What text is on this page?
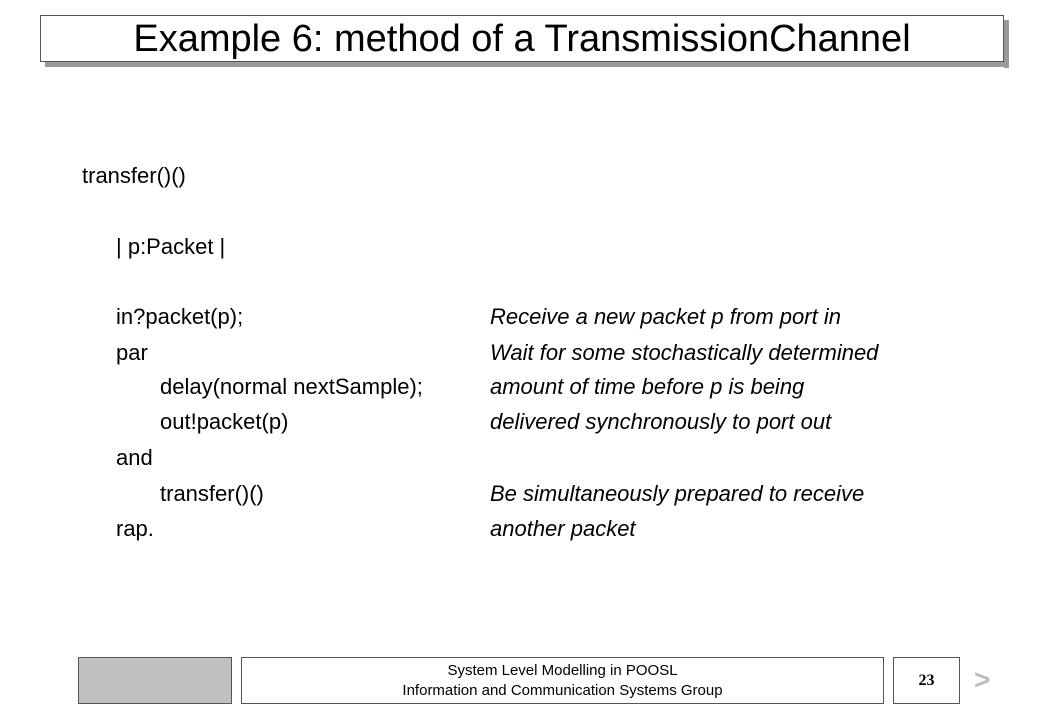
Example 6: method of a TransmissionChannel
transfer()()
| p:Packet |
in?packet(p);
par
delay(normal nextSample);
out!packet(p)
and
transfer()()
rap.
Receive a new packet p from port in
Wait for some stochastically determined
amount of time before p is being
delivered synchronously to port out
Be simultaneously prepared to receive
another packet
System Level Modelling in POOSL
Information and Communication Systems Group
23	>
